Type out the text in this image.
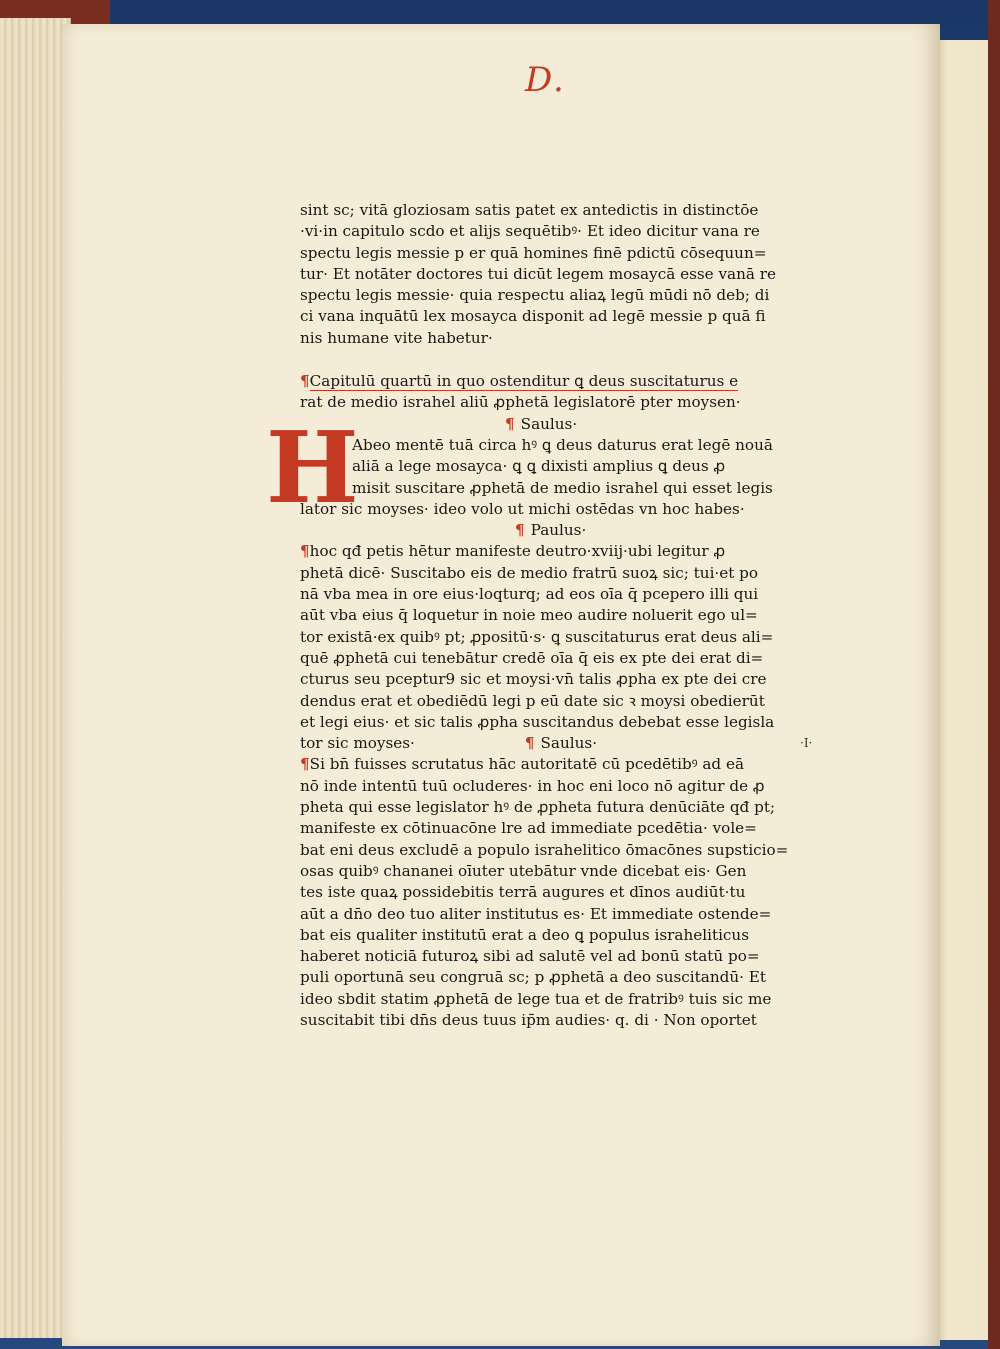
D.
sint sc; vitā gloziosam satis patet ex antedictis in distinctōe
·vi·in capitulo scdo et alijs sequētibꝰ· Et ideo dicitur vana re
spectu legis messie p er quā homines finē pdictū cōsequun=
tur· Et notāter doctores tui dicūt legem mosaycā esse vanā re
spectu legis messie· quia respectu aliaꝝ legū mūdi nō deb; di
ci vana inquātū lex mosayca disponit ad legē messie p quā fi
nis humane vite habetur·
¶Capitulū quartū in quo ostenditur ꝗ deus suscitaturus e
rat de medio israhel aliū ꝓphetā legislatorē pter moysen·
¶ Saulus·
Abeo mentē tuā circa hꝰ ꝗ deus daturus erat legē nouā
aliā a lege mosayca· ꝗ ꝗ dixisti amplius ꝗ deus ꝓ
misit suscitare ꝓphetā de medio israhel qui esset legis
lator sic moyses· ideo volo ut michi ostēdas vn hoc habes·
¶ Paulus·
¶hoc qđ petis hētur manifeste deutro·xviij·ubi legitur ꝓ
phetā dicē· Suscitabo eis de medio fratrū suoꝝ sic; tui·et po
nā vba mea in ore eius·loqturq; ad eos oīa q̄ pcepero illi qui
aūt vba eius q̄ loquetur in noie meo audire noluerit ego ul=
tor existā·ex quibꝰ pt; ꝓpositū·s· ꝗ suscitaturus erat deus ali=
quē ꝓphetā cui tenebātur credē oīa q̄ eis ex pte dei erat di=
cturus seu pceptur9 sic et moysi·vn̄ talis ꝓpha ex pte dei cre
dendus erat et obediēdū legi p eū date sic ꝛ moysi obedierūt
et legi eius· et sic talis ꝓpha suscitandus debebat esse legisla
tor sic moyses·	¶ Saulus·
¶Si bn̄ fuisses scrutatus hāc autoritatē cū pcedētibꝰ ad eā
nō inde intentū tuū ocluderes· in hoc eni loco nō agitur de ꝓ
pheta qui esse legislator hꝰ de ꝓpheta futura denūciāte qđ pt;
manifeste ex cōtinuacōne lre ad immediate pcedētia· vole=
bat eni deus excludē a populo israhelitico ōmacōnes supsticio=
osas quibꝰ chananei oīuter utebātur vnde dicebat eis· Gen
tes iste quaꝝ possidebitis terrā augures et dīnos audiūt·tu
aūt a dn̄o deo tuo aliter institutus es· Et immediate ostende=
bat eis qualiter institutū erat a deo ꝗ populus israheliticus
haberet noticiā futuroꝝ sibi ad salutē vel ad bonū statū po=
puli oportunā seu congruā sc; p ꝓphetā a deo suscitandū· Et
ideo sbdit statim ꝓphetā de lege tua et de fratribꝰ tuis sic me
suscitabit tibi dn̄s deus tuus ip̄m audies· q. di · Non oportet
H
·I·
